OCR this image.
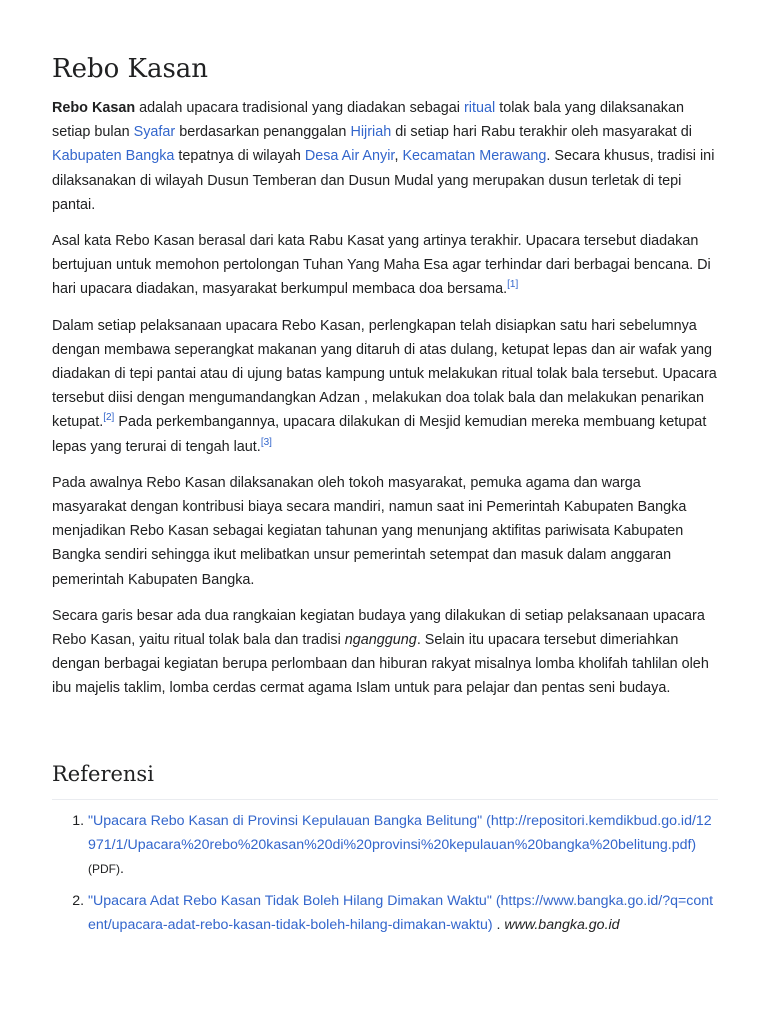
Rebo Kasan

Rebo Kasan adalah upacara tradisional yang diadakan sebagai ritual tolak bala yang dilaksanakan setiap bulan Syafar berdasarkan penanggalan Hijriah di setiap hari Rabu terakhir oleh masyarakat di Kabupaten Bangka tepatnya di wilayah Desa Air Anyir, Kecamatan Merawang. Secara khusus, tradisi ini dilaksanakan di wilayah Dusun Temberan dan Dusun Mudal yang merupakan dusun terletak di tepi pantai.

Asal kata Rebo Kasan berasal dari kata Rabu Kasat yang artinya terakhir. Upacara tersebut diadakan bertujuan untuk memohon pertolongan Tuhan Yang Maha Esa agar terhindar dari berbagai bencana. Di hari upacara diadakan, masyarakat berkumpul membaca doa bersama.[1]

Dalam setiap pelaksanaan upacara Rebo Kasan, perlengkapan telah disiapkan satu hari sebelumnya dengan membawa seperangkat makanan yang ditaruh di atas dulang, ketupat lepas dan air wafak yang diadakan di tepi pantai atau di ujung batas kampung untuk melakukan ritual tolak bala tersebut. Upacara tersebut diisi dengan mengumandangkan Adzan , melakukan doa tolak bala dan melakukan penarikan ketupat.[2] Pada perkembangannya, upacara dilakukan di Mesjid kemudian mereka membuang ketupat lepas yang terurai di tengah laut.[3]

Pada awalnya Rebo Kasan dilaksanakan oleh tokoh masyarakat, pemuka agama dan warga masyarakat dengan kontribusi biaya secara mandiri, namun saat ini Pemerintah Kabupaten Bangka menjadikan Rebo Kasan sebagai kegiatan tahunan yang menunjang aktifitas pariwisata Kabupaten Bangka sendiri sehingga ikut melibatkan unsur pemerintah setempat dan masuk dalam anggaran pemerintah Kabupaten Bangka.

Secara garis besar ada dua rangkaian kegiatan budaya yang dilakukan di setiap pelaksanaan upacara Rebo Kasan, yaitu ritual tolak bala dan tradisi nganggung. Selain itu upacara tersebut dimeriahkan dengan berbagai kegiatan berupa perlombaan dan hiburan rakyat misalnya lomba kholifah tahlilan oleh ibu majelis taklim, lomba cerdas cermat agama Islam untuk para pelajar dan pentas seni budaya.

Referensi
1. "Upacara Rebo Kasan di Provinsi Kepulauan Bangka Belitung" (http://repositori.kemdikbud.go.id/12971/1/Upacara%20rebo%20kasan%20di%20provinsi%20kepulauan%20bangka%20belitung.pdf) (PDF).
2. "Upacara Adat Rebo Kasan Tidak Boleh Hilang Dimakan Waktu" (https://www.bangka.go.id/?q=content/upacara-adat-rebo-kasan-tidak-boleh-hilang-dimakan-waktu) . www.bangka.go.id
